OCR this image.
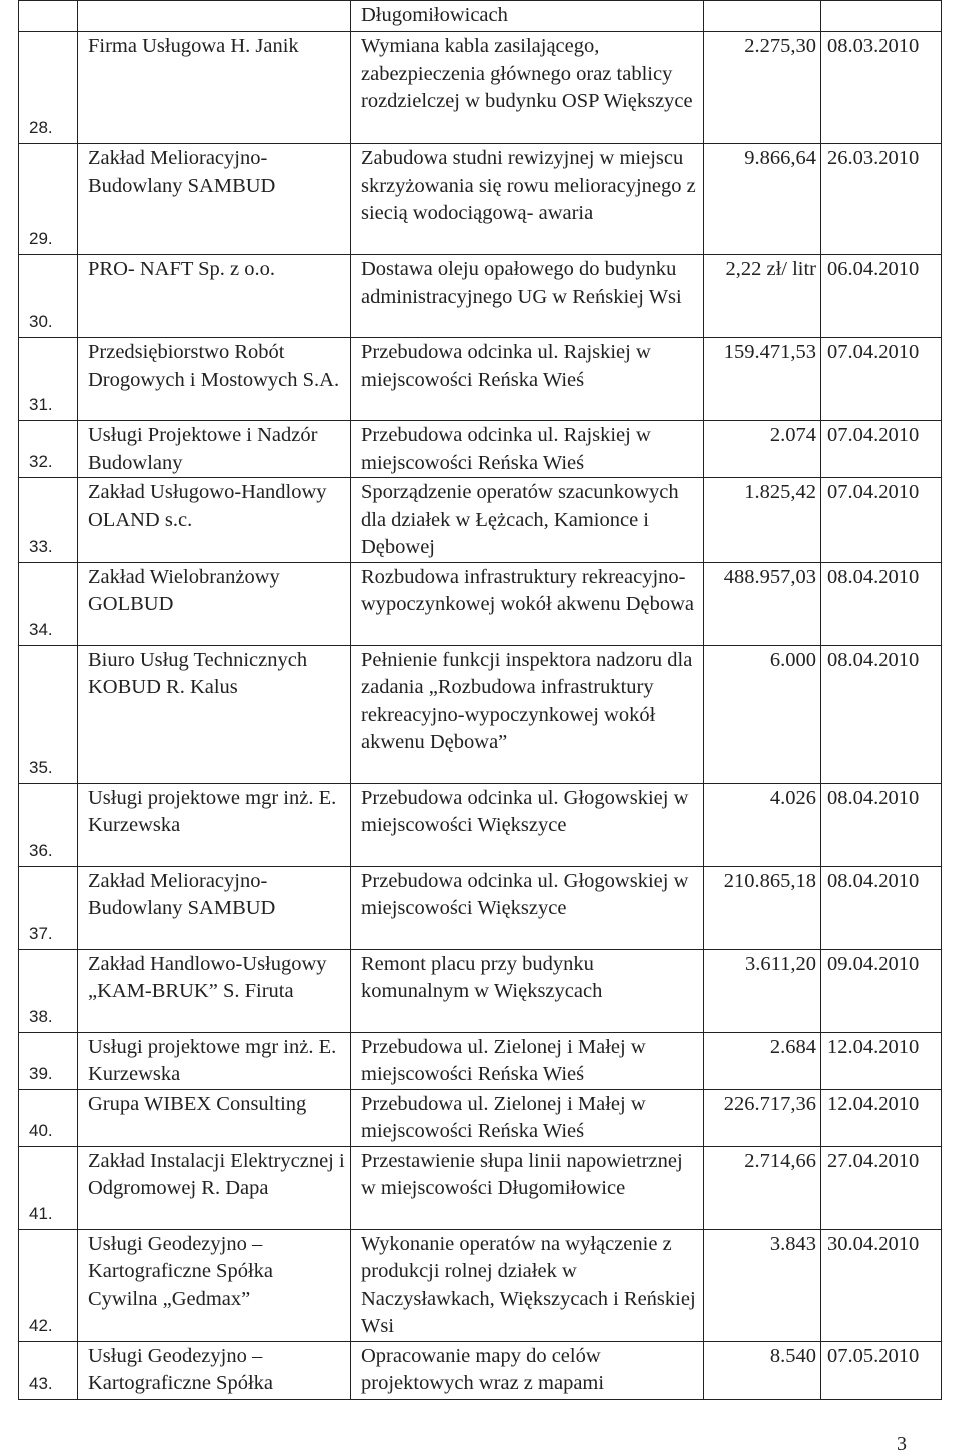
		Długomiłowicach		
28.	Firma Usługowa H. Janik	Wymiana kabla zasilającego, zabezpieczenia głównego oraz tablicy rozdzielczej w budynku OSP Większyce	2.275,30	08.03.2010
29.	Zakład Melioracyjno-Budowlany SAMBUD	Zabudowa studni rewizyjnej w miejscu skrzyżowania się rowu melioracyjnego z siecią wodociągową- awaria	9.866,64	26.03.2010
30.	PRO- NAFT Sp. z o.o.	Dostawa oleju opałowego do budynku administracyjnego UG w Reńskiej Wsi	2,22 zł/ litr	06.04.2010
31.	Przedsiębiorstwo Robót Drogowych i Mostowych S.A.	Przebudowa odcinka ul. Rajskiej w miejscowości Reńska Wieś	159.471,53	07.04.2010
32.	Usługi Projektowe i Nadzór Budowlany	Przebudowa odcinka ul. Rajskiej w miejscowości Reńska Wieś	2.074	07.04.2010
33.	Zakład Usługowo-Handlowy OLAND s.c.	Sporządzenie operatów szacunkowych dla działek w Łężcach, Kamionce i Dębowej	1.825,42	07.04.2010
34.	Zakład Wielobranżowy GOLBUD	Rozbudowa infrastruktury rekreacyjno-wypoczynkowej wokół akwenu Dębowa	488.957,03	08.04.2010
35.	Biuro Usług Technicznych KOBUD R. Kalus	Pełnienie funkcji inspektora nadzoru dla zadania „Rozbudowa infrastruktury rekreacyjno-wypoczynkowej wokół akwenu Dębowa”	6.000	08.04.2010
36.	Usługi projektowe mgr inż. E. Kurzewska	Przebudowa odcinka ul. Głogowskiej w miejscowości Większyce	4.026	08.04.2010
37.	Zakład Melioracyjno-Budowlany SAMBUD	Przebudowa odcinka ul. Głogowskiej w miejscowości Większyce	210.865,18	08.04.2010
38.	Zakład Handlowo-Usługowy „KAM-BRUK” S. Firuta	Remont placu przy budynku komunalnym w Większycach	3.611,20	09.04.2010
39.	Usługi projektowe mgr inż. E. Kurzewska	Przebudowa ul. Zielonej i Małej w miejscowości Reńska Wieś	2.684	12.04.2010
40.	Grupa WIBEX Consulting	Przebudowa ul. Zielonej i Małej w miejscowości Reńska Wieś	226.717,36	12.04.2010
41.	Zakład Instalacji Elektrycznej i Odgromowej R. Dapa	Przestawienie słupa linii napowietrznej w miejscowości Długomiłowice	2.714,66	27.04.2010
42.	Usługi Geodezyjno – Kartograficzne Spółka Cywilna „Gedmax”	Wykonanie operatów na wyłączenie z produkcji rolnej działek w Naczysławkach, Większycach i Reńskiej Wsi	3.843	30.04.2010
43.	Usługi Geodezyjno – Kartograficzne Spółka	Opracowanie mapy do celów projektowych wraz z mapami	8.540	07.05.2010
3
